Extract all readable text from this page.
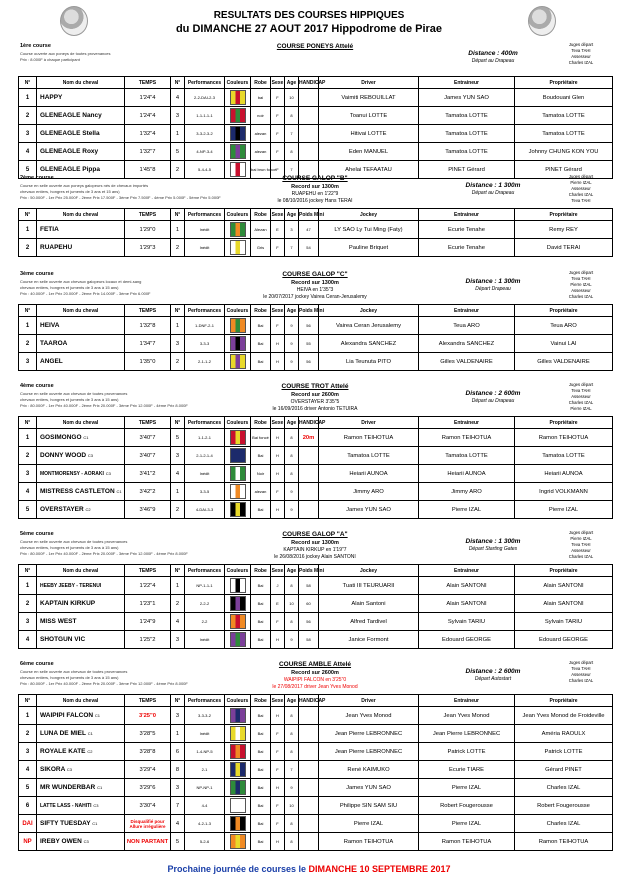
RESULTATS DES COURSES HIPPIQUES
du DIMANCHE 27 AOUT 2017 Hippodrome de Pirae
1ère course
Course ouverte aux poneys de toutes provenances
Prix : 8.000F à chaque participant
COURSE PONEYS Attelé
Distance : 400m
Départ au Drapeau
Juges départ
Teva TAHI
Assesseur
Charles IZAL
N°	Nom du cheval	TEMPS	N°	Performances	Couleurs	Robe	Sexe	Age	HANDICAP	Driver	Entraineur	Propriétaire
1	HAPPY	1'24"4	4	2-2-DAI-2-3		bai	F	10		Vaimiti REBOUILLAT	James YUN SAO	Boudouani Glen
2	GLENEAGLE Nancy	1'24"4	3	1-1-1-1-1		noir	F	8		Toanui LOTTE	Tamatoa LOTTE	Tamatoa LOTTE
3	GLENEAGLE Stella	1'32"4	1	3-3-2-3-2		alezan	F	7		Hitivai LOTTE	Tamatoa LOTTE	Tamatoa LOTTE
4	GLENEAGLE Roxy	1'32"7	5	4-NP-3-4		alezan	F	8		Eden MANUEL	Tamatoa LOTTE	Johnny CHUNG KON YOU
5	GLENEAGLE Pippa	1'45"8	2	5-4-4-5		bai brun foncé	F	7		Ahelai TEFAATAU	PINET Gérard	PINET Gérard
2ème course
Course en selle ouverte aux poneys galopeurs nés de chevaux importés
chevaux entiers, hongres et juments de 3 ans et 15 ans)
Prix : 50.000F - 1er Prix 25.000F - 2ème Prix 17.500F - 3ème Prix 7.500F - 4ème Prix 5.000F - 5ème Prix 5.000F
COURSE GALOP "B"
Record sur 1300m
RUAPEHU en 1'22"9
le 08/10/2016 jockey Hans TERAI
Distance : 1 300m
Départ au Drapeau
Juges départ
Pierre IZAL
Assesseur
Charles IZAL
Teva TAHI
N°	Nom du cheval	TEMPS	N°	Performances	Couleurs	Robe	Sexe	Age	Poids Mini	Jockey	Entraineur	Propriétaire
1	FETIA	1'29"0	1	Inédit		Alezan	E	3	47	LY SAO Ly Tui Ming (Faty)	Ecurie Tenahe	Remy REY
2	RUAPEHU	1'29"3	2	Inédit		Gris	F	7	54	Pauline Briquet	Ecurie Tenahe	David TERAI
3ème course
Course en selle ouverte aux chevaux galopeurs locaux et demi-sang
chevaux entiers, hongres et juments de 3 ans à 15 ans)
Prix : 40.000F - 1er Prix 20.000F - 2ème Prix 14.000F - 3ème Prix 6.000F
COURSE GALOP "C"
Record sur 1300m
HEIVA en 1'35"3
le 20/07/2017 jockey Vairea Ceran-Jerusalemy
Distance : 1 300m
Départ Drapeau
Juges départ
Teva TAHI
Pierre IZAL
Assesseur
Charles IZAL
N°	Nom du cheval	TEMPS	N°	Performances	Couleurs	Robe	Sexe	Age	Poids Mini	Jockey	Entraineur	Propriétaire
1	HEIVA	1'32"8	1	1-DNF-2-1		Bai	F	9	56	Vairea Ceran Jerusalemy	Teua ARO	Teua ARO
2	TAAROA	1'34"7	3	3-3-3		Bai	H	9	55	Alexandra SANCHEZ	Alexandra SANCHEZ	Vainui LAI
3	ANGEL	1'35"0	2	2-1-1-2		Bai	H	9	56	Lia Teunuta PITO	Gilles VALDENAIRE	Gilles VALDENAIRE
4ème course
Course en selle ouverte aux chevaux de toutes provenances
chevaux entiers, hongres et juments de 3 ans à 15 ans)
Prix : 80.000F - 1er Prix 40.000F - 2ème Prix 20.000F - 3ème Prix 12.000F - 4ème Prix 8.000F
COURSE TROT Attelé
Record sur 2600m
OVERSTAYER 3'35"5
le 16/09/2016 driver Antonio TETUIRA
Distance : 2 600m
Départ au Drapeau
Juges départ
Teva TAHI
Assesseur
Charles IZAL
Pierre IZAL
N°	Nom du cheval	TEMPS	N°	Performances	Couleurs	Robe	Sexe	Age	HANDICAP	Driver	Entraineur	Propriétaire
1	GOSIMONGO C1	3'40"7	5	1-1-2-1		Bai foncé	H	8	20m	Ramon TEIHOTUA	Ramon TEIHOTUA	Ramon TEIHOTUA
2	DONNY WOOD C3	3'40"7	3	2-1-2-1-4		Bai	H	8		Tamatoa LOTTE	Tamatoa LOTTE	Tamatoa LOTTE
3	MONTMORENSY - AORAKI C3	3'41"2	4	Inédit		Noir	H	8		Heiarii AUNOA	Heiarii AUNOA	Heiarii AUNOA
4	MISTRESS CASTLETON C1	3'42"2	1	3-3-5		alezan	F	9		Jimmy ARO	Jimmy ARO	Ingrid VOLKMANN
5	OVERSTAYER C2	3'46"9	2	4-DAI-3-3		Bai	H	9		James YUN SAO	Pierre IZAL	Pierre IZAL
5ème course
Course en selle ouverte aux chevaux de toutes provenances
chevaux entiers, hongres et juments de 3 ans à 15 ans)
Prix : 80.000F - 1er Prix 40.000F - 2ème Prix 20.000F - 3ème Prix 12.000F - 4ème Prix 8.000F
COURSE GALOP "A"
Record sur 1300m
KAPTAIN KIRKUP en 1'19"7
le 26/08/2016 jockey Alain SANTONI
Distance : 1 300m
Départ Starting Gates
Juges départ
Pierre IZAL
Teva TAHI
Assesseur
Charles IZAL
N°	Nom du cheval	TEMPS	N°	Performances	Couleurs	Robe	Sexe	Age	Poids Mini	Jockey	Entraineur	Propriétaire
1	HEEBY JEEBY - TERENUI	1'22"4	1	NP-1-1-1		Bai	J	8	58	Tuati III TEURUARII	Alain SANTONI	Alain SANTONI
2	KAPTAIN KIRKUP	1'23"1	2	2-2-2		Bai	E	10	60	Alain Santoni	Alain SANTONI	Alain SANTONI
3	MISS WEST	1'24"9	4	2-2		Bai	F	8	56	Alfred Tardivel	Sylvain TARIU	Sylvain TARIU
4	SHOTGUN VIC	1'25"2	3	Inédit		Bai	H	9	58	Janice Formont	Edouard GEORGE	Edouard GEORGE
6ème course
Course en selle ouverte aux chevaux de toutes provenances
chevaux entiers, hongres et juments de 3 ans à 15 ans)
Prix : 80.000F - 1er Prix 40.000F - 2ème Prix 20.000F - 3ème Prix 12.000F - 4ème Prix 8.000F
COURSE AMBLE Attelé
Record sur 2600m
WAIPIPI FALCON en 3'25"0
le 27/08/2017 driver Jean Yves Monod
Distance : 2 600m
Départ Autostart
Juges départ
Teva TAHI
Assesseur
Charles IZAL
N°	Nom du cheval	TEMPS	N°	Performances	Couleurs	Robe	Sexe	Age	HANDICAP	Driver	Entraineur	Propriétaire
1	WAIPIPI FALCON C1	3'25"0	3	3-3-3-2		Bai	H	8		Jean Yves Monod	Jean Yves Monod	Jean Yves Monod de Froideville
2	LUNA DE MIEL C1	3'28"5	1	Inédit		Bai	F	8		Jean Pierre LEBRONNEC	Jean Pierre LEBRONNEC	Améria RAOULX
3	ROYALE KATE C2	3'28"8	6	1-4-NP-5		Bai	F	8		Jean Pierre LEBRONNEC	Patrick LOTTE	Patrick LOTTE
4	SIKORA C3	3'29"4	8	2-1		Bai	F	7		René KAIMUKO	Ecurie TIARE	Gérard PINET
5	MR WUNDERBAR C1	3'29"6	3	NP-NP-1		Bai	H	9		James YUN SAO	Pierre IZAL	Charles IZAL
6	LATTE LASS - NAHITI C3	3'30"4	7	4-4		Bai	F	10		Philippe SIN SAM SIU	Robert Fougerousse	Robert Fougerousse
DAI	SIFTY TUESDAY C1	Disqualifié pour Allure irrégulière	4	4-2-1-3		Bai	F	8		Pierre IZAL	Pierre IZAL	Charles IZAL
NP	IREBY OWEN C3	NON PARTANT	5	5-2-6		Bai	H	8		Ramon TEIHOTUA	Ramon TEIHOTUA	Ramon TEIHOTUA
Prochaine journée de courses le DIMANCHE 10 SEPTEMBRE 2017
